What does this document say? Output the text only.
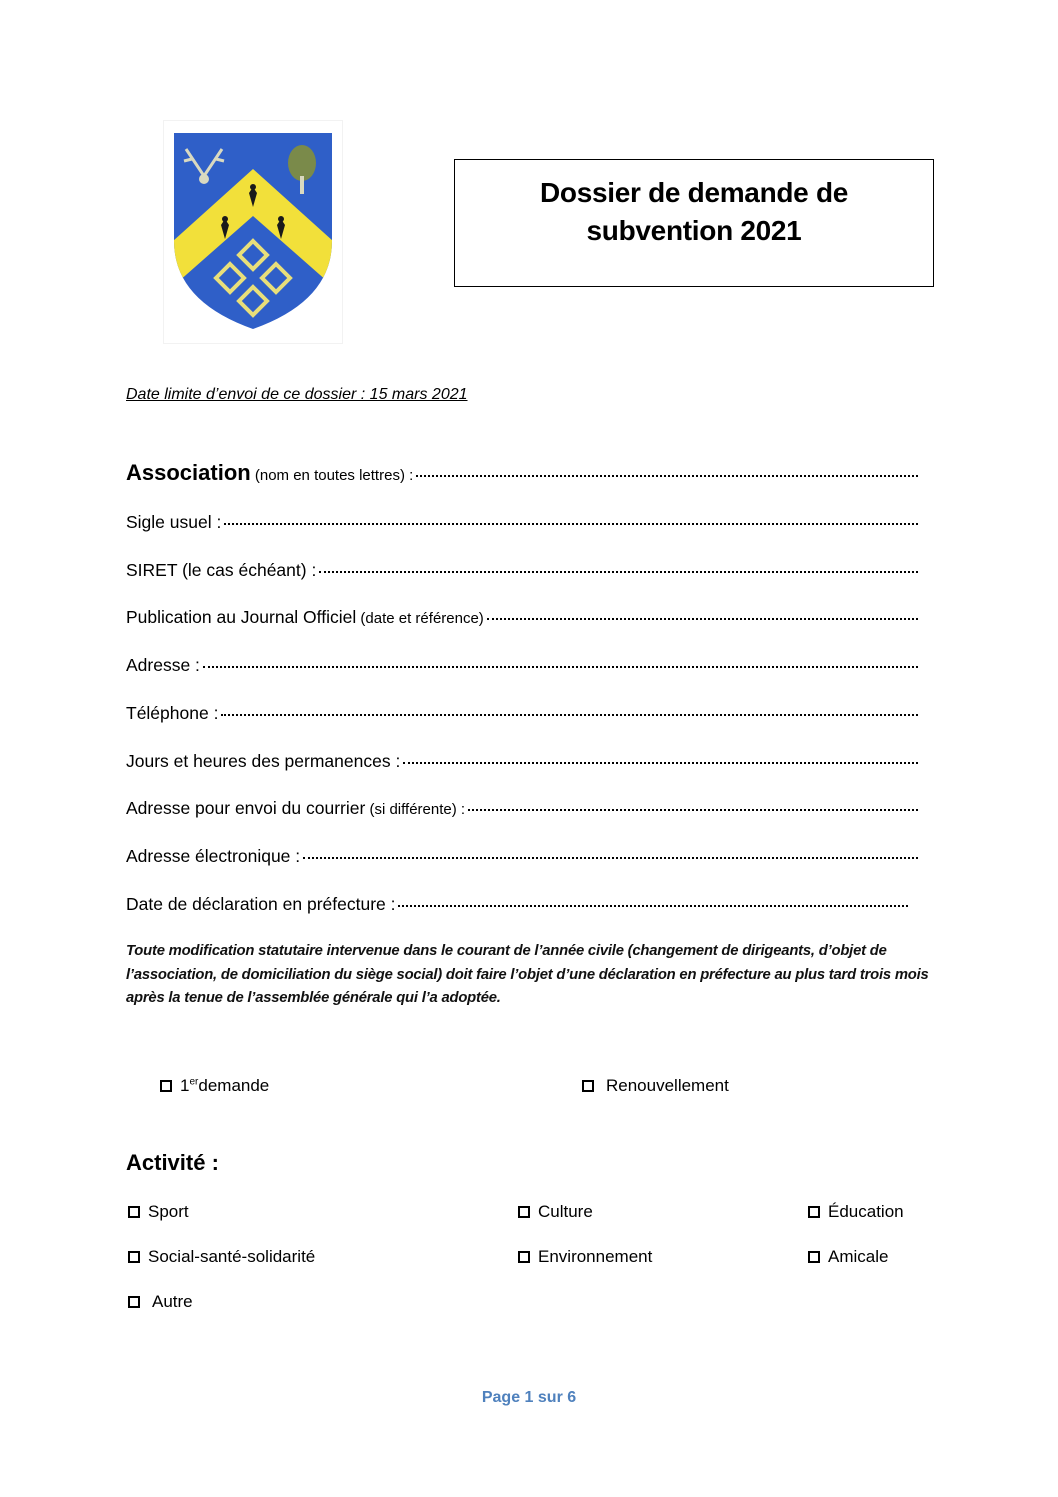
Dossier de demande de
subvention 2021
Date limite d’envoi de ce dossier : 15 mars 2021
Association (nom en toutes lettres) :
Sigle usuel :
SIRET (le cas échéant) :
Publication au Journal Officiel (date et référence)
Adresse :
Téléphone :
Jours et heures des permanences :
Adresse pour envoi du courrier (si différente) :
Adresse électronique :
Date de déclaration en préfecture :
Toute modification statutaire intervenue dans le courant de l’année civile (changement de dirigeants, d’objet de l’association, de domiciliation du siège social) doit faire l’objet d’une déclaration en préfecture au plus tard trois mois après la tenue de l’assemblée générale qui l’a adoptée.
1erdemande	Renouvellement
Activité :
Sport	Culture	Éducation
Social-santé-solidarité	Environnement	Amicale
Autre
Page 1 sur 6
